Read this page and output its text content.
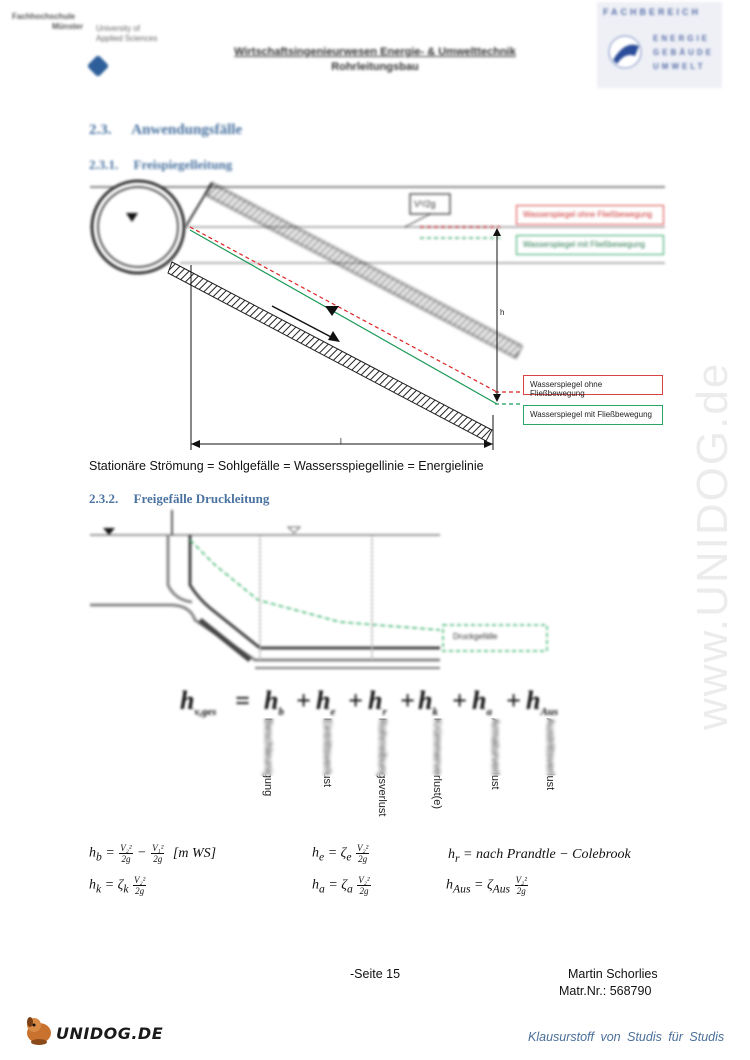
Fachhochschule
Münster University of
Applied Sciences
Wirtschaftsingenieurwesen Energie- & Umwelttechnik
Rohrleitungsbau
FACHBEREICH
ENERGIE
GEBÄUDE
UMWELT
2.3. Anwendungsfälle
2.3.1. Freispiegelleitung
V²/2g
Wasserspiegel ohne Fließbewegung
Wasserspiegel mit Fließbewegung
Wasserspiegel ohne Fließbewegung
Wasserspiegel mit Fließbewegung
h
l
Stationäre Strömung = Sohlgefälle = Wassersspiegellinie = Energielinie
2.3.2. Freigefälle Druckleitung
Druckgefälle
$h_{v,ges} = h_b + h_e + h_r + h_k + h_a + h_{Aus}$
Beschleunigung	Eintrittsverlust	Rohrreibungsverlust	Krümmerverlust(e)	Armaturverlust	Austrittsverlust
$h_b = \frac{\text{V₂²}}{2g} - \frac{\text{V₁²}}{2g} [m$ WS]	$h_e = \zeta_e \frac{\text{V₂²}}{2g}$	$h_r$ = nach Prandtle − Colebrook
$h_k = \zeta_k \frac{\text{V₂²}}{2g}$	$h_a = \zeta_a \frac{\text{V₂²}}{2g}$	$h_{Aus} = \zeta_{Aus} \frac{\text{V₂²}}{2g}$
www.UNIDOG.de
-Seite 15	Martin Schorlies
Matr.Nr.: 568790
UNIDOG.DE	Klausurstoff von Studis für Studis
